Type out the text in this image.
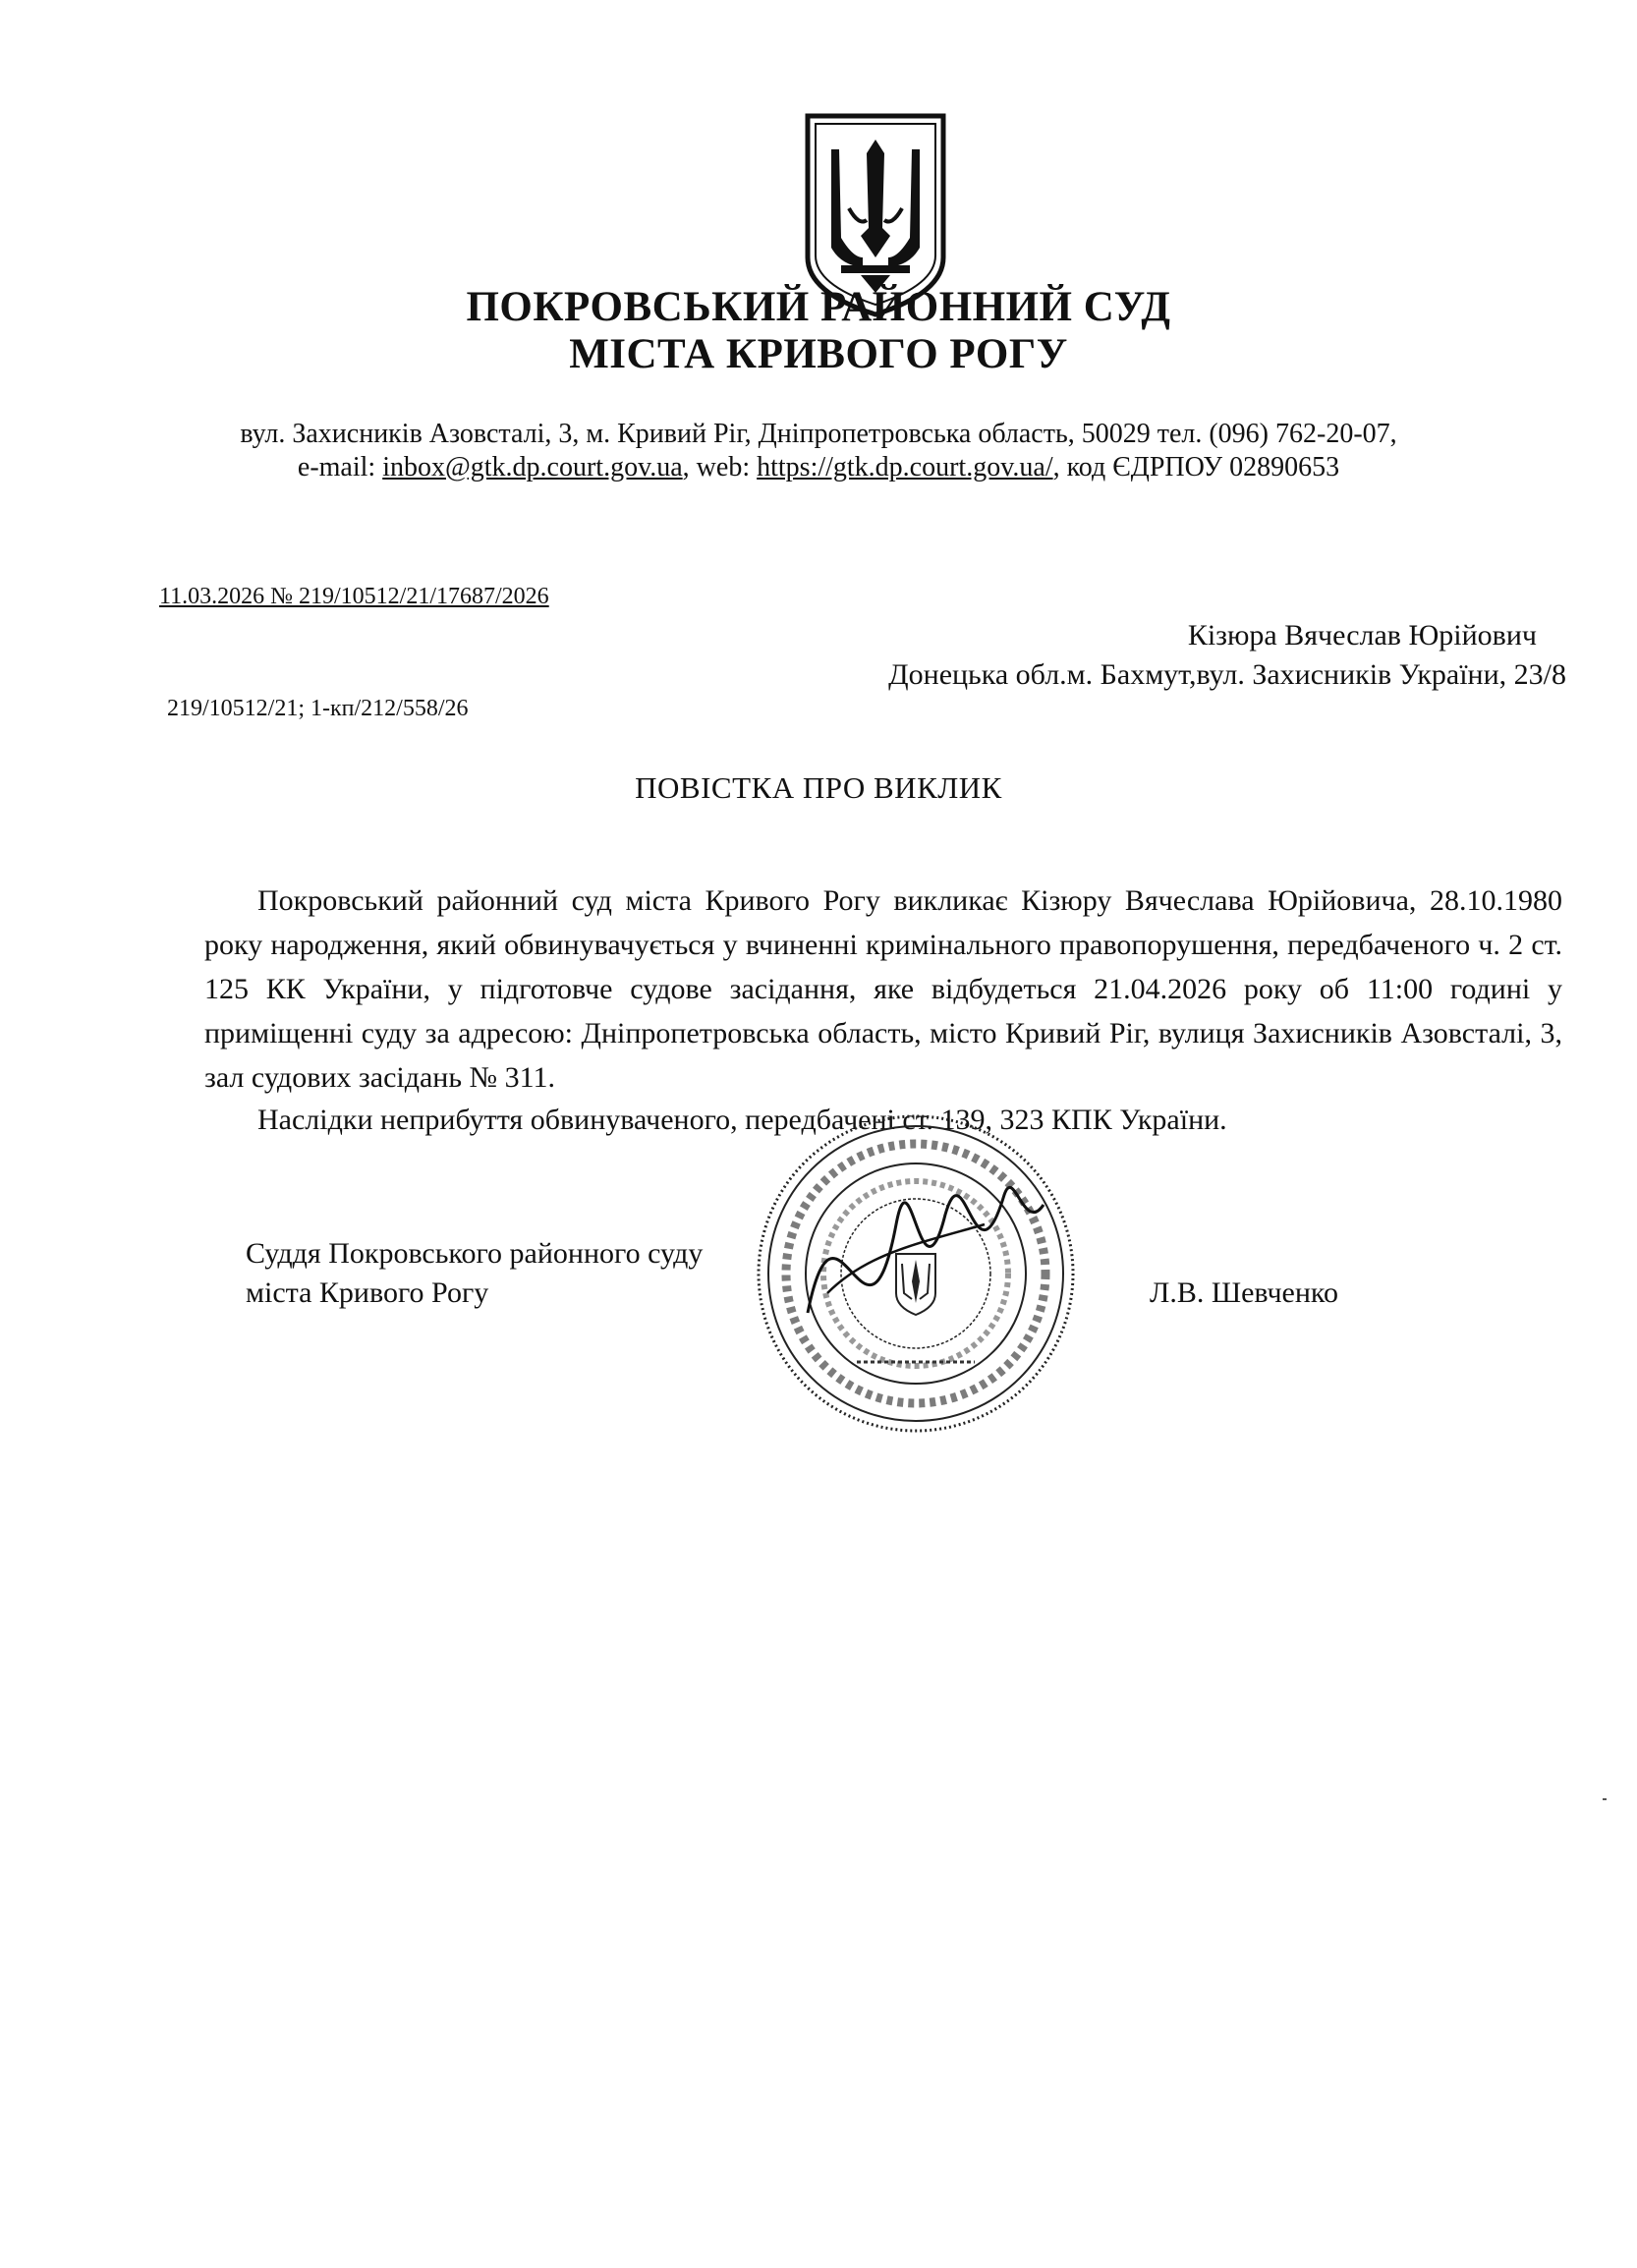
ПОКРОВСЬКИЙ РАЙОННИЙ СУД
МІСТА КРИВОГО РОГУ
вул. Захисників Азовсталі, 3, м. Кривий Ріг, Дніпропетровська область, 50029 тел. (096) 762-20-07,
e-mail: inbox@gtk.dp.court.gov.ua, web: https://gtk.dp.court.gov.ua/, код ЄДРПОУ 02890653
11.03.2026 № 219/10512/21/17687/2026
Кізюра Вячеслав Юрійович
Донецька обл.м. Бахмут,вул. Захисників України, 23/8
219/10512/21; 1-кп/212/558/26
ПОВІСТКА ПРО ВИКЛИК
Покровський районний суд міста Кривого Рогу викликає Кізюру Вячеслава Юрійовича, 28.10.1980 року народження, який обвинувачується у вчиненні кримінального правопорушення, передбаченого ч. 2 ст. 125 КК України, у підготовче судове засідання, яке відбудеться 21.04.2026 року об 11:00 годині у приміщенні суду за адресою: Дніпропетровська область, місто Кривий Ріг, вулиця Захисників Азовсталі, 3, зал судових засідань № 311.
Наслідки неприбуття обвинуваченого, передбачені ст. 139, 323 КПК України.
Суддя Покровського районного суду
міста Кривого Рогу	Л.В. Шевченко
